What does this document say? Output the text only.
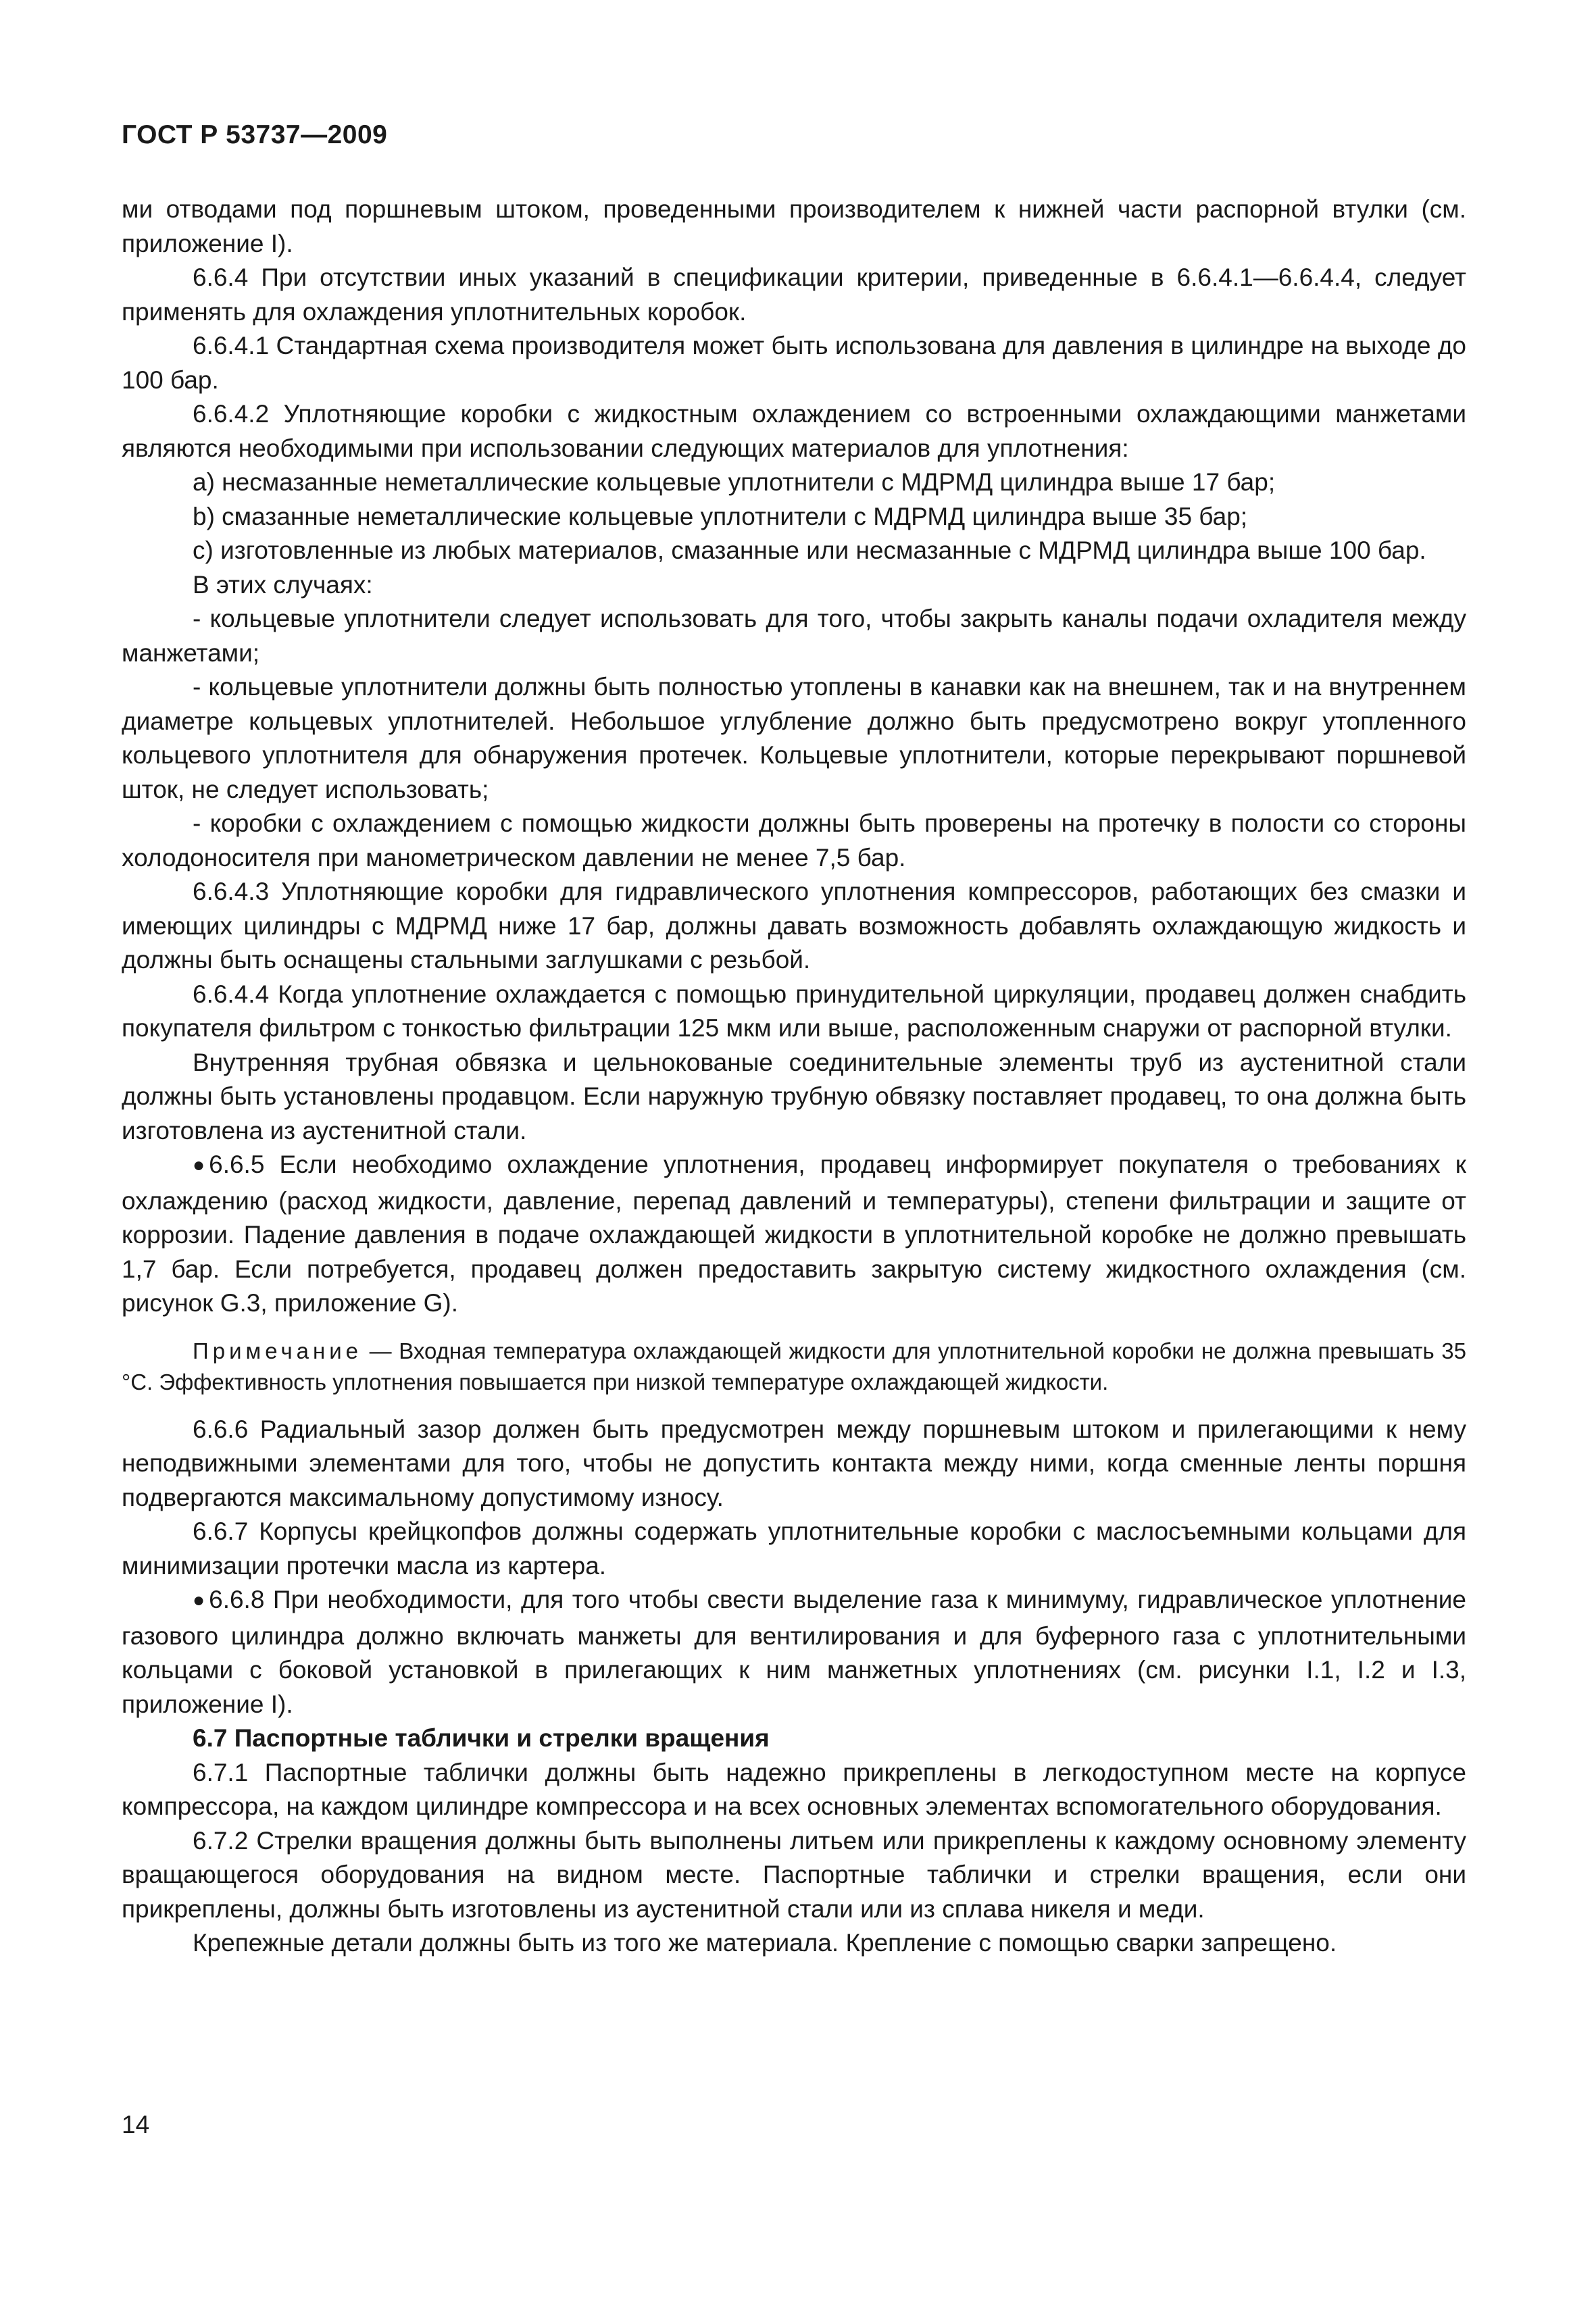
ГОСТ Р 53737—2009

ми отводами под поршневым штоком, проведенными производителем к нижней части распорной втулки (см. приложение I).

6.6.4 При отсутствии иных указаний в спецификации критерии, приведенные в 6.6.4.1—6.6.4.4, следует применять для охлаждения уплотнительных коробок.

6.6.4.1 Стандартная схема производителя может быть использована для давления в цилиндре на выходе до 100 бар.

6.6.4.2 Уплотняющие коробки с жидкостным охлаждением со встроенными охлаждающими манжетами являются необходимыми при использовании следующих материалов для уплотнения:

a) несмазанные неметаллические кольцевые уплотнители с МДРМД цилиндра выше 17 бар;

b) смазанные неметаллические кольцевые уплотнители с МДРМД цилиндра выше 35 бар;

c) изготовленные из любых материалов, смазанные или несмазанные с МДРМД цилиндра выше 100 бар.

В этих случаях:

- кольцевые уплотнители следует использовать для того, чтобы закрыть каналы подачи охладителя между манжетами;

- кольцевые уплотнители должны быть полностью утоплены в канавки как на внешнем, так и на внутреннем диаметре кольцевых уплотнителей. Небольшое углубление должно быть предусмотрено вокруг утопленного кольцевого уплотнителя для обнаружения протечек. Кольцевые уплотнители, которые перекрывают поршневой шток, не следует использовать;

- коробки с охлаждением с помощью жидкости должны быть проверены на протечку в полости со стороны холодоносителя при манометрическом давлении не менее 7,5 бар.

6.6.4.3 Уплотняющие коробки для гидравлического уплотнения компрессоров, работающих без смазки и имеющих цилиндры с МДРМД ниже 17 бар, должны давать возможность добавлять охлаждающую жидкость и должны быть оснащены стальными заглушками с резьбой.

6.6.4.4 Когда уплотнение охлаждается с помощью принудительной циркуляции, продавец должен снабдить покупателя фильтром с тонкостью фильтрации 125 мкм или выше, расположенным снаружи от распорной втулки.

Внутренняя трубная обвязка и цельнокованые соединительные элементы труб из аустенитной стали должны быть установлены продавцом. Если наружную трубную обвязку поставляет продавец, то она должна быть изготовлена из аустенитной стали.

● 6.6.5 Если необходимо охлаждение уплотнения, продавец информирует покупателя о требованиях к охлаждению (расход жидкости, давление, перепад давлений и температуры), степени фильтрации и защите от коррозии. Падение давления в подаче охлаждающей жидкости в уплотнительной коробке не должно превышать 1,7 бар. Если потребуется, продавец должен предоставить закрытую систему жидкостного охлаждения (см. рисунок G.3, приложение G).

Примечание — Входная температура охлаждающей жидкости для уплотнительной коробки не должна превышать 35 °С. Эффективность уплотнения повышается при низкой температуре охлаждающей жидкости.

6.6.6 Радиальный зазор должен быть предусмотрен между поршневым штоком и прилегающими к нему неподвижными элементами для того, чтобы не допустить контакта между ними, когда сменные ленты поршня подвергаются максимальному допустимому износу.

6.6.7 Корпусы крейцкопфов должны содержать уплотнительные коробки с маслосъемными кольцами для минимизации протечки масла из картера.

● 6.6.8 При необходимости, для того чтобы свести выделение газа к минимуму, гидравлическое уплотнение газового цилиндра должно включать манжеты для вентилирования и для буферного газа с уплотнительными кольцами с боковой установкой в прилегающих к ним манжетных уплотнениях (см. рисунки I.1, I.2 и I.3, приложение I).

6.7 Паспортные таблички и стрелки вращения

6.7.1 Паспортные таблички должны быть надежно прикреплены в легкодоступном месте на корпусе компрессора, на каждом цилиндре компрессора и на всех основных элементах вспомогательного оборудования.

6.7.2 Стрелки вращения должны быть выполнены литьем или прикреплены к каждому основному элементу вращающегося оборудования на видном месте. Паспортные таблички и стрелки вращения, если они прикреплены, должны быть изготовлены из аустенитной стали или из сплава никеля и меди.

Крепежные детали должны быть из того же материала. Крепление с помощью сварки запрещено.

14
